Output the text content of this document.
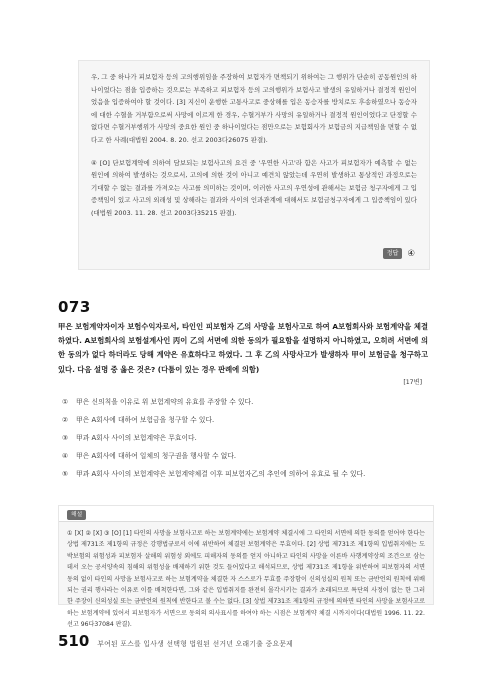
우, 그 중 하나가 피보험자 등의 고의행위임을 주장하여 보험자가 면책되기 위하여는 그 행위가 단순히 공동원인의 하나이었다는 점을 입증하는 것으로는 부족하고 피보험자 등의 고의행위가 보험사고 발생의 유일하거나 결정적 원인이었음을 입증하여야 할 것이다. [3] 지신이 운행한 고통사고로 중상해를 입은 동승자를 방치로도 후송하였으나 동승자에 대한 수혈을 거부함으로써 사망에 이르게 한 경우, 수혈거부가 사망의 유일하거나 결정적 원인이었다고 단정할 수 없다면 수혈거부행위가 사망의 중요한 원인 중 하나이었다는 점만으로는 보험회사가 보험금의 지급책임을 면할 수 없다고 한 사례(대법원 2004. 8. 20. 선고 2003다26075 판결).

④ [O] 단보험계약에 의하여 담보되는 보험사고의 요건 중 '우연한 사고'라 함은 사고가 피보험자가 예측할 수 없는 원인에 의하여 발생하는 것으로서, 고의에 의한 것이 아니고 예견치 않았는데 우연히 발생하고 통상적인 과정으로는 기대할 수 없는 결과를 가져오는 사고를 의미하는 것이며, 이러한 사고의 우연성에 관해서는 보험금 청구자에게 그 입증책임이 있고 사고의 외래성 및 상해라는 결과와 사이의 인과관계에 대해서도 보험금청구자에게 그 입증책임이 있다(대법원 2003. 11. 28. 선고 2003다35215 판결).

정답	④
073
甲은 보험계약자이자 보험수익자로서, 타인인 피보험자 乙의 사망을 보험사고로 하여 A보험회사와 보험계약을 체결하였다. A보험회사의 보험설계사인 丙이 乙의 서면에 의한 동의가 필요함을 설명하지 아니하였고, 오히려 서면에 의한 동의가 없다 하더라도 당해 계약은 유효하다고 하였다. 그 후 乙의 사망사고가 발생하자 甲이 보험금을 청구하고 있다. 다음 설명 중 옳은 것은? (다툼이 있는 경우 판례에 의함)
[17변]
①	甲은 신의칙을 이유로 위 보험계약의 유효를 주장할 수 있다.
②	甲은 A회사에 대하여 보험금을 청구할 수 있다.
③	甲과 A회사 사이의 보험계약은 무효이다.
④	甲은 A회사에 대하여 일체의 청구권을 행사할 수 없다.
⑤	甲과 A회사 사이의 보험계약은 보험계약체결 이후 피보험자乙의 추인에 의하여 유효로 될 수 있다.
해설
① [X] ② [X] ③ [O] [1] 타인의 사망을 보험사고로 하는 보험계약에는 보험계약 체결시에 그 타인의 서면에 의한 동의를 얻어야 한다는 상법 제731조 제1항의 규정은 강행법규로서 이에 위반하여 체결된 보험계약은 무효이다. [2] 상법 제731조 제1항의 입법취지에는 도박보험의 위험성과 피보험자 살해의 위험성 외에도 피해자의 동의를 얻지 아니하고 타인의 사망을 이른바 사행계약상의 조건으로 삼는 데서 오는 공서양속의 침해의 위험성을 배제하기 위한 것도 들어있다고 해석되므로, 상법 제731조 제1항을 위반하여 피보험자의 서면 동의 없이 타인의 사망을 보험사고로 하는 보험계약을 체결한 자 스스로가 무효를 주장함이 신의성실의 원칙 또는 금반언의 원칙에 위배되는 권리 행사라는 이유로 이를 배척한다면, 그와 같은 입법취지를 완전히 몰각시키는 결과가 초래되므로 특단의 사정이 없는 한 그러한 주장이 신의성실 또는 금반언의 원칙에 반한다고 볼 수는 없다. [3] 상법 제731조 제1항의 규정에 의하면 타인의 사망을 보험사고로 하는 보험계약에 있어서 피보험자가 서면으로 동의의 의사표시를 하여야 하는 시점은 보험계약 체결 시까지이다(대법원 1996. 11. 22. 선고 96다37084 판결).
510 부여된 포스를 입사생 선택형 법원된 선거년 오래기출 중요문제
